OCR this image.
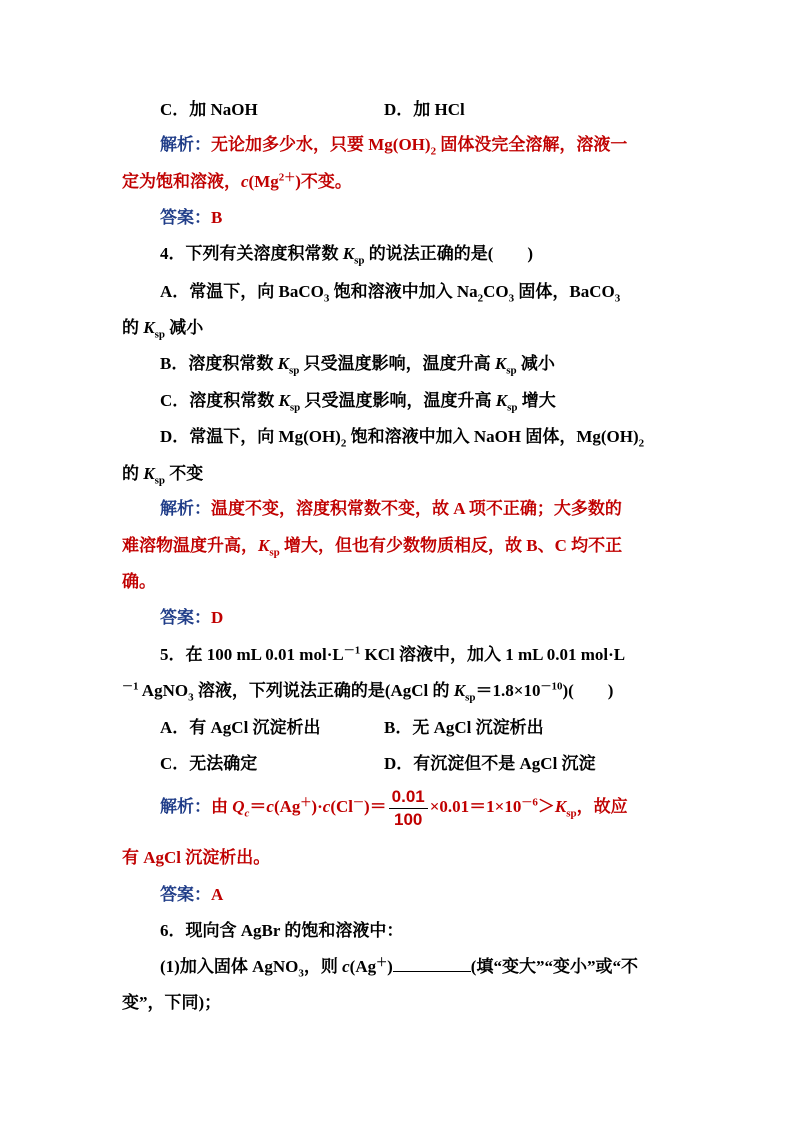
C．加 NaOH	D．加 HCl
解析：无论加多少水，只要 $Mg(OH)_2$ 固体没完全溶解，溶液一
定为饱和溶液，$c(Mg^{2+})$不变。
答案：B
4．下列有关溶度积常数 $K_{sp}$ 的说法正确的是(　　)
A．常温下，向 BaCO$_3$ 饱和溶液中加入 $Na_2CO_3$ 固体，BaCO$_3$
的 $K_{sp}$ 减小
B．溶度积常数 $K_{sp}$ 只受温度影响，温度升高 $K_{sp}$ 减小
C．溶度积常数 $K_{sp}$ 只受温度影响，温度升高 $K_{sp}$ 增大
D．常温下，向 $Mg(OH)_2$ 饱和溶液中加入 NaOH 固体，$Mg(OH)_2$
的 $K_{sp}$ 不变
解析：温度不变，溶度积常数不变，故 A 项不正确；大多数的
难溶物温度升高，$K_{sp}$ 增大，但也有少数物质相反，故 B、C 均不正
确。
答案：D
5．在 100 mL 0.01 $mol\cdot L^{-1}$ KCl 溶液中，加入 1 mL 0.01 mol·L
$^{-1}$ AgNO$_3$ 溶液，下列说法正确的是(AgCl 的 $K_{sp}=1.8\times 10^{-10}$)(　　)
A．有 AgCl 沉淀析出	B．无 AgCl 沉淀析出
C．无法确定	D．有沉淀但不是 AgCl 沉淀
解析：由 $Q_c=c(Ag^+)\cdot c(Cl^-)= \frac{0.01}{100} \times 0.01=1\times 10^{-6}>K_{sp}$，故应
有 AgCl 沉淀析出。
答案：A
6．现向含 AgBr 的饱和溶液中：
(1)加入固体 AgNO$_3$，则 c(Ag＋)	(填“变大”“变小”或“不
变”，下同)；
